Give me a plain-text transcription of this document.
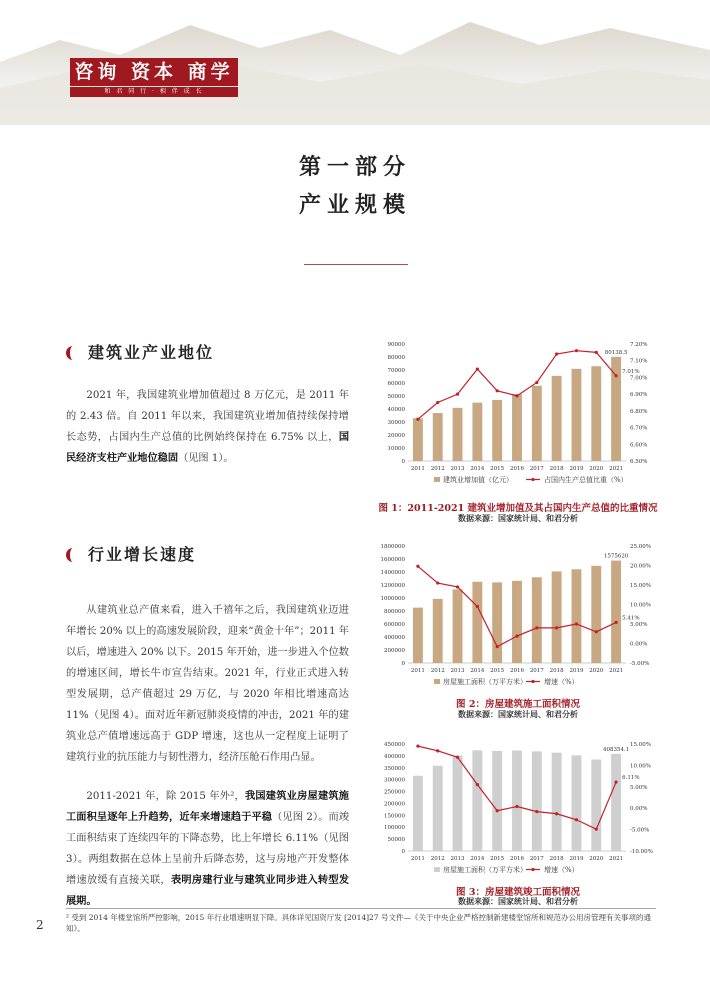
咨询 资本 商学
和 君 同 行 · 相 伴 成 长
第一部分
产业规模
建筑业产业地位

2021 年，我国建筑业增加值超过 8 万亿元，是 2011 年的 2.43 倍。自 2011 年以来，我国建筑业增加值持续保持增长态势，占国内生产总值的比例始终保持在 6.75% 以上，国民经济支柱产业地位稳固（见图 1）。

行业增长速度

从建筑业总产值来看，进入千禧年之后，我国建筑业迈进年增长 20% 以上的高速发展阶段，迎来“黄金十年”；2011 年以后，增速进入 20% 以下。2015 年开始，进一步进入个位数的增速区间，增长牛市宣告结束。2021 年，行业正式进入转型发展期，总产值超过 29 万亿，与 2020 年相比增速高达 11%（见图 4）。面对近年新冠肺炎疫情的冲击，2021 年的建筑业总产值增速远高于 GDP 增速，这也从一定程度上证明了建筑行业的抗压能力与韧性潜力，经济压舱石作用凸显。

2011-2021 年，除 2015 年外²，我国建筑业房屋建筑施工面积呈逐年上升趋势，近年来增速趋于平稳（见图 2）。而竣工面积结束了连续四年的下降态势，比上年增长 6.11%（见图 3）。两组数据在总体上呈前升后降态势，这与房地产开发整体增速放缓有直接关联，表明房建行业与建筑业同步进入转型发展期。

0
10000
20000
30000
40000
50000
60000
70000
80000
90000
6.50%
6.60%
6.70%
6.80%
6.90%
7.00%
7.10%
7.20%
2011 2012 2013 2014 2015 2016 2017 2018 2019 2020 2021
80138.5
7.01%
建筑业增加值（亿元）	占国内生产总值比重（%）
图 1：2011-2021 建筑业增加值及其占国内生产总值的比重情况
数据来源：国家统计局、和君分析
0
200000
400000
600000
800000
1000000
1200000
1400000
1600000
1800000
-5.00%
0.00%
5.00%
10.00%
15.00%
20.00%
25.00%
2011 2012 2013 2014 2015 2016 2017 2018 2019 2020 2021
1575620
5.41%
房屋施工面积（万平方米） 增速（%）
图 2：房屋建筑施工面积情况
数据来源：国家统计局、和君分析
0
50000
100000
150000
200000
250000
300000
350000
400000
450000
-10.00%
-5.00%
0.00%
5.00%
10.00%
15.00%
2011 2012 2013 2014 2015 2016 2017 2018 2019 2020 2021
408354.1
6.11%
房屋施工面积（万平方米） 增速（%）
图 3：房屋建筑竣工面积情况
数据来源：国家统计局、和君分析
2
² 受到 2014 年楼堂馆所严控影响，2015 年行业增速明显下降。具体详见国资厅发 [2014]27 号文件—《关于中央企业严格控制新建楼堂馆所和规范办公用房管理有关事项的通知》。
